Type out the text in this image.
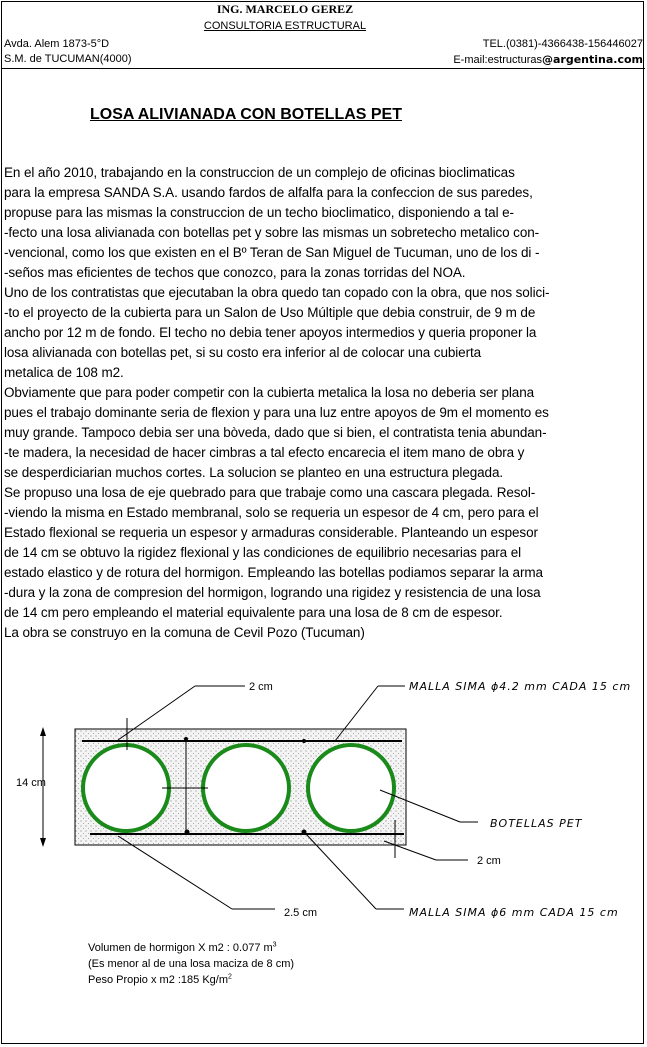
ING. MARCELO GEREZ
CONSULTORIA ESTRUCTURAL
Avda. Alem 1873-5°D
S.M. de TUCUMAN(4000)
TEL.(0381)-4366438-156446027
E-mail:estructuras@argentina.com
LOSA ALIVIANADA CON BOTELLAS PET
En el año 2010, trabajando en la construccion de un complejo de oficinas bioclimaticas
para la empresa SANDA S.A. usando fardos de alfalfa para la confeccion de sus paredes,
propuse para las mismas la construccion de un techo bioclimatico, disponiendo a tal e-
-fecto una losa alivianada con botellas pet y sobre las mismas un sobretecho metalico con-
-vencional, como los que existen en el Bº Teran de San Miguel de Tucuman, uno de los di -
-seños mas eficientes de techos que conozco, para la zonas torridas del NOA.
Uno de los contratistas que ejecutaban la obra quedo tan copado con la obra, que nos solici-
-to el proyecto de la cubierta para un Salon de Uso Múltiple que debia construir, de 9 m de
ancho por 12 m de fondo. El techo no debia tener apoyos intermedios y queria proponer la
losa alivianada con botellas pet, si su costo era inferior al de colocar una cubierta
metalica de 108 m2.
Obviamente que para poder competir con la cubierta metalica la losa no deberia ser plana
pues el trabajo dominante seria de flexion y para una luz entre apoyos de 9m el momento es
muy grande. Tampoco debia ser una bòveda, dado que si bien, el contratista tenia abundan-
-te madera, la necesidad de hacer cimbras a tal efecto encarecia el item mano de obra y
se desperdiciarian muchos cortes. La solucion se planteo en una estructura plegada.
Se propuso una losa de eje quebrado para que trabaje como una cascara plegada. Resol-
-viendo la misma en Estado membranal, solo se requeria un espesor de 4 cm, pero para el
Estado flexional se requeria un espesor y armaduras considerable. Planteando un espesor
de 14 cm se obtuvo la rigidez flexional y las condiciones de equilibrio necesarias para el
estado elastico y de rotura del hormigon. Empleando las botellas podiamos separar la arma
-dura y la zona de compresion del hormigon, logrando una rigidez y resistencia de una losa
de 14 cm pero empleando el material equivalente para una losa de 8 cm de espesor.
La obra se construyo en la comuna de Cevil Pozo (Tucuman)
14 cm
2 cm	MALLA SIMA ϕ4.2 mm CADA 15 cm
BOTELLAS PET
2 cm
2.5 cm	MALLA SIMA ϕ6 mm CADA 15 cm
Volumen de hormigon X m2 : 0.077 $m^3$
(Es menor al de una losa maciza de 8 cm)
Peso Propio x m2 :185 $Kg/m^2$
